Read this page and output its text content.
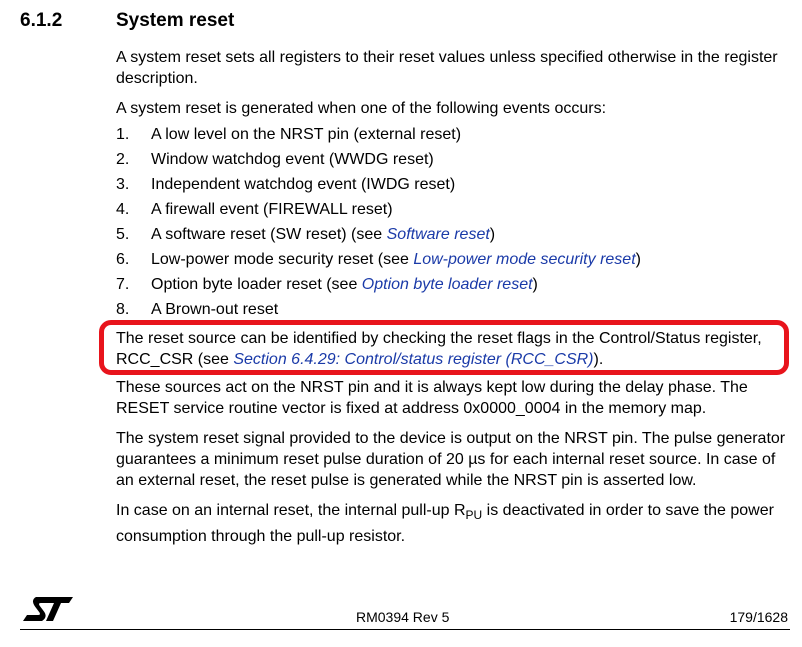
6.1.2	System reset

A system reset sets all registers to their reset values unless specified otherwise in the register description.

A system reset is generated when one of the following events occurs:

1.	A low level on the NRST pin (external reset)
2.	Window watchdog event (WWDG reset)
3.	Independent watchdog event (IWDG reset)
4.	A firewall event (FIREWALL reset)
5.	A software reset (SW reset) (see Software reset)
6.	Low-power mode security reset (see Low-power mode security reset)
7.	Option byte loader reset (see Option byte loader reset)
8.	A Brown-out reset

The reset source can be identified by checking the reset flags in the Control/Status register, RCC_CSR (see Section 6.4.29: Control/status register (RCC_CSR)).

These sources act on the NRST pin and it is always kept low during the delay phase. The RESET service routine vector is fixed at address 0x0000_0004 in the memory map.

The system reset signal provided to the device is output on the NRST pin. The pulse generator guarantees a minimum reset pulse duration of 20 µs for each internal reset source. In case of an external reset, the reset pulse is generated while the NRST pin is asserted low.

In case on an internal reset, the internal pull-up $R_{PU}$ is deactivated in order to save the power consumption through the pull-up resistor.

RM0394 Rev 5	179/1628
